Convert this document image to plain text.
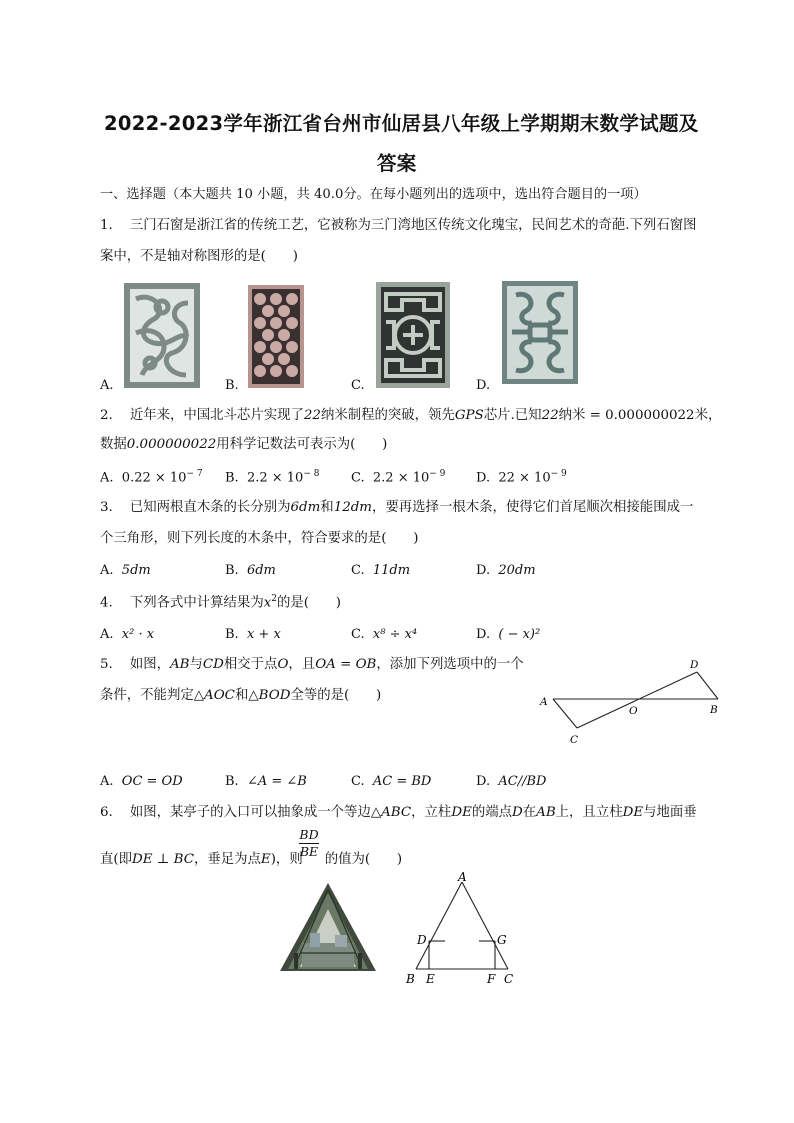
2022-2023学年浙江省台州市仙居县八年级上学期期末数学试题及
答案
一、选择题（本大题共 10 小题，共 40.0分。在每小题列出的选项中，选出符合题目的一项）
1. 三门石窗是浙江省的传统工艺，它被称为三门湾地区传统文化瑰宝，民间艺术的奇葩.下列石窗图
案中，不是轴对称图形的是(　　)
A.	B.	C.	D.
2. 近年来，中国北斗芯片实现了22纳米制程的突破，领先GPS芯片.已知22纳米 = 0.000000022米，
数据0.000000022用科学记数法可表示为(　　)
A. $0.22 \times 10^{- 7}$ B. $2.2 \times 10^{- 8}$ C. $2.2 \times 10^{- 9}$ D. $22 \times 10^{- 9}$
3. 已知两根直木条的长分别为6dm和12dm，要再选择一根木条，使得它们首尾顺次相接能围成一
个三角形，则下列长度的木条中，符合要求的是(　　)
A. 5dm	B. 6dm	C. 11dm	D. 20dm
4. 下列各式中计算结果为$x^2$的是(　　)
A. x² · x	B. x + x	C. x⁸ ÷ x⁴	D. ( − x)²
5. 如图，AB与CD相交于点O，且OA = OB，添加下列选项中的一个
条件，不能判定△AOC和△BOD全等的是(　　)	A
B
C
D
O
A. OC = OD	B. ∠A = ∠B	C. AC = BD	D. AC//BD
6. 如图，某亭子的入口可以抽象成一个等边△ABC，立柱DE的端点D在AB上，且立柱DE与地面垂
BD
BE
直(即DE ⊥ BC，垂足为点E)，则 的值为(　　)
A
B	C
D
E	F
G
